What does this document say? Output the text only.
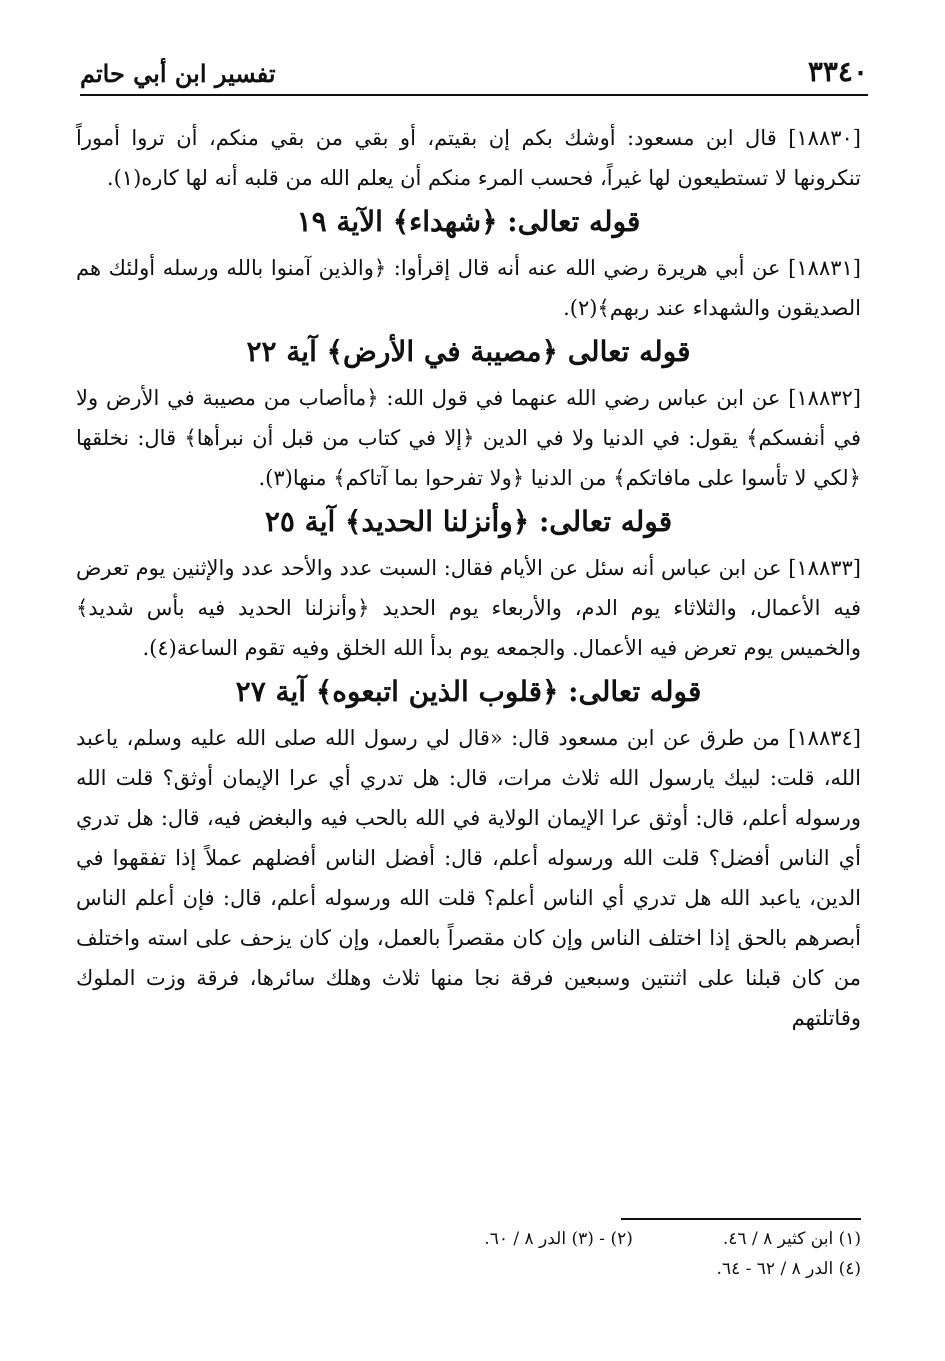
٣٣٤٠
تفسير ابن أبي حاتم

[١٨٨٣٠] قال ابن مسعود: أوشك بكم إن بقيتم، أو بقي من بقي منكم، أن تروا أموراً تنكرونها لا تستطيعون لها غيراً، فحسب المرء منكم أن يعلم الله من قلبه أنه لها كاره(١).

قوله تعالى: ﴿شهداء﴾ الآية ١٩

[١٨٨٣١] عن أبي هريرة رضي الله عنه أنه قال إقرأوا: ﴿والذين آمنوا بالله ورسله أولئك هم الصديقون والشهداء عند ربهم﴾(٢).

قوله تعالى ﴿مصيبة في الأرض﴾ آية ٢٢

[١٨٨٣٢] عن ابن عباس رضي الله عنهما في قول الله: ﴿ماأصاب من مصيبة في الأرض ولا في أنفسكم﴾ يقول: في الدنيا ولا في الدين ﴿إلا في كتاب من قبل أن نبرأها﴾ قال: نخلقها ﴿لكي لا تأسوا على مافاتكم﴾ من الدنيا ﴿ولا تفرحوا بما آتاكم﴾ منها(٣).

قوله تعالى: ﴿وأنزلنا الحديد﴾ آية ٢٥

[١٨٨٣٣] عن ابن عباس أنه سئل عن الأيام فقال: السبت عدد والأحد عدد والإثنين يوم تعرض فيه الأعمال، والثلاثاء يوم الدم، والأربعاء يوم الحديد ﴿وأنزلنا الحديد فيه بأس شديد﴾ والخميس يوم تعرض فيه الأعمال. والجمعه يوم بدأ الله الخلق وفيه تقوم الساعة(٤).

قوله تعالى: ﴿قلوب الذين اتبعوه﴾ آية ٢٧

[١٨٨٣٤] من طرق عن ابن مسعود قال: «قال لي رسول الله صلى الله عليه وسلم، ياعبد الله، قلت: لبيك يارسول الله ثلاث مرات، قال: هل تدري أي عرا الإيمان أوثق؟ قلت الله ورسوله أعلم، قال: أوثق عرا الإيمان الولاية في الله بالحب فيه والبغض فيه، قال: هل تدري أي الناس أفضل؟ قلت الله ورسوله أعلم، قال: أفضل الناس أفضلهم عملاً إذا تفقهوا في الدين، ياعبد الله هل تدري أي الناس أعلم؟ قلت الله ورسوله أعلم، قال: فإن أعلم الناس أبصرهم بالحق إذا اختلف الناس وإن كان مقصراً بالعمل، وإن كان يزحف على استه واختلف من كان قبلنا على اثنتين وسبعين فرقة نجا منها ثلاث وهلك سائرها، فرقة وزت الملوك وقاتلتهم

(١) ابن كثير ٨ / ٤٦.
(٢) - (٣) الدر ٨ / ٦٠.
(٤) الدر ٨ / ٦٢ - ٦٤.
